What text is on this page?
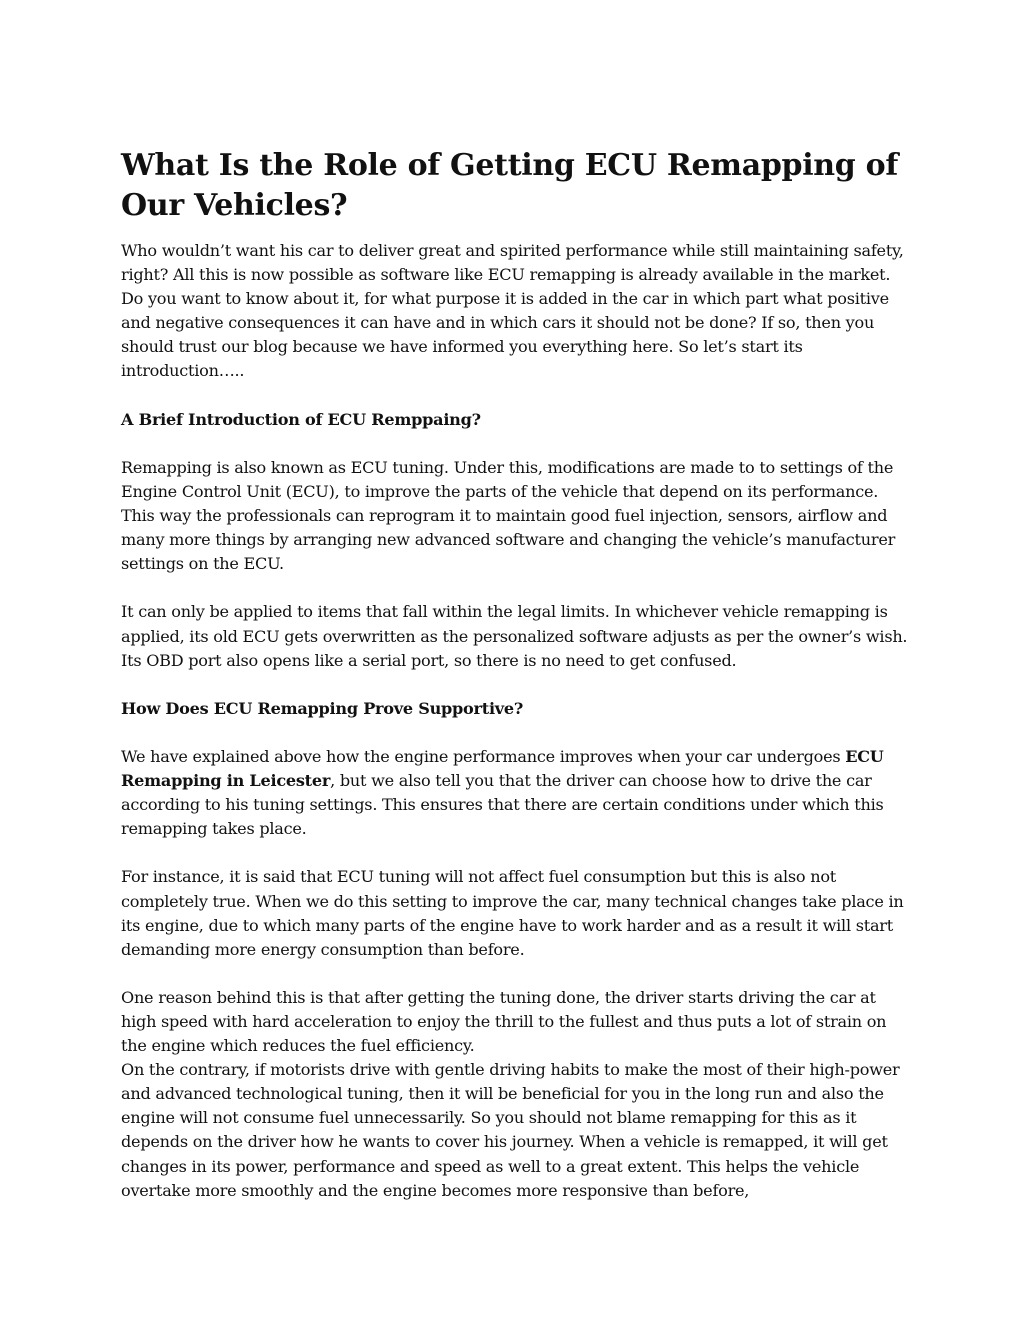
What Is the Role of Getting ECU Remapping of Our Vehicles?

Who wouldn’t want his car to deliver great and spirited performance while still maintaining safety, right? All this is now possible as software like ECU remapping is already available in the market. Do you want to know about it, for what purpose it is added in the car in which part what positive and negative consequences it can have and in which cars it should not be done? If so, then you should trust our blog because we have informed you everything here. So let’s start its introduction…..

A Brief Introduction of ECU Remppaing?

Remapping is also known as ECU tuning. Under this, modifications are made to to settings of the Engine Control Unit (ECU), to improve the parts of the vehicle that depend on its performance. This way the professionals can reprogram it to maintain good fuel injection, sensors, airflow and many more things by arranging new advanced software and changing the vehicle’s manufacturer settings on the ECU.

It can only be applied to items that fall within the legal limits. In whichever vehicle remapping is applied, its old ECU gets overwritten as the personalized software adjusts as per the owner’s wish. Its OBD port also opens like a serial port, so there is no need to get confused.

How Does ECU Remapping Prove Supportive?

We have explained above how the engine performance improves when your car undergoes ECU Remapping in Leicester, but we also tell you that the driver can choose how to drive the car according to his tuning settings. This ensures that there are certain conditions under which this remapping takes place.

For instance, it is said that ECU tuning will not affect fuel consumption but this is also not completely true. When we do this setting to improve the car, many technical changes take place in its engine, due to which many parts of the engine have to work harder and as a result it will start demanding more energy consumption than before.

One reason behind this is that after getting the tuning done, the driver starts driving the car at high speed with hard acceleration to enjoy the thrill to the fullest and thus puts a lot of strain on the engine which reduces the fuel efficiency.

On the contrary, if motorists drive with gentle driving habits to make the most of their high-power and advanced technological tuning, then it will be beneficial for you in the long run and also the engine will not consume fuel unnecessarily. So you should not blame remapping for this as it depends on the driver how he wants to cover his journey. When a vehicle is remapped, it will get changes in its power, performance and speed as well to a great extent. This helps the vehicle overtake more smoothly and the engine becomes more responsive than before,
